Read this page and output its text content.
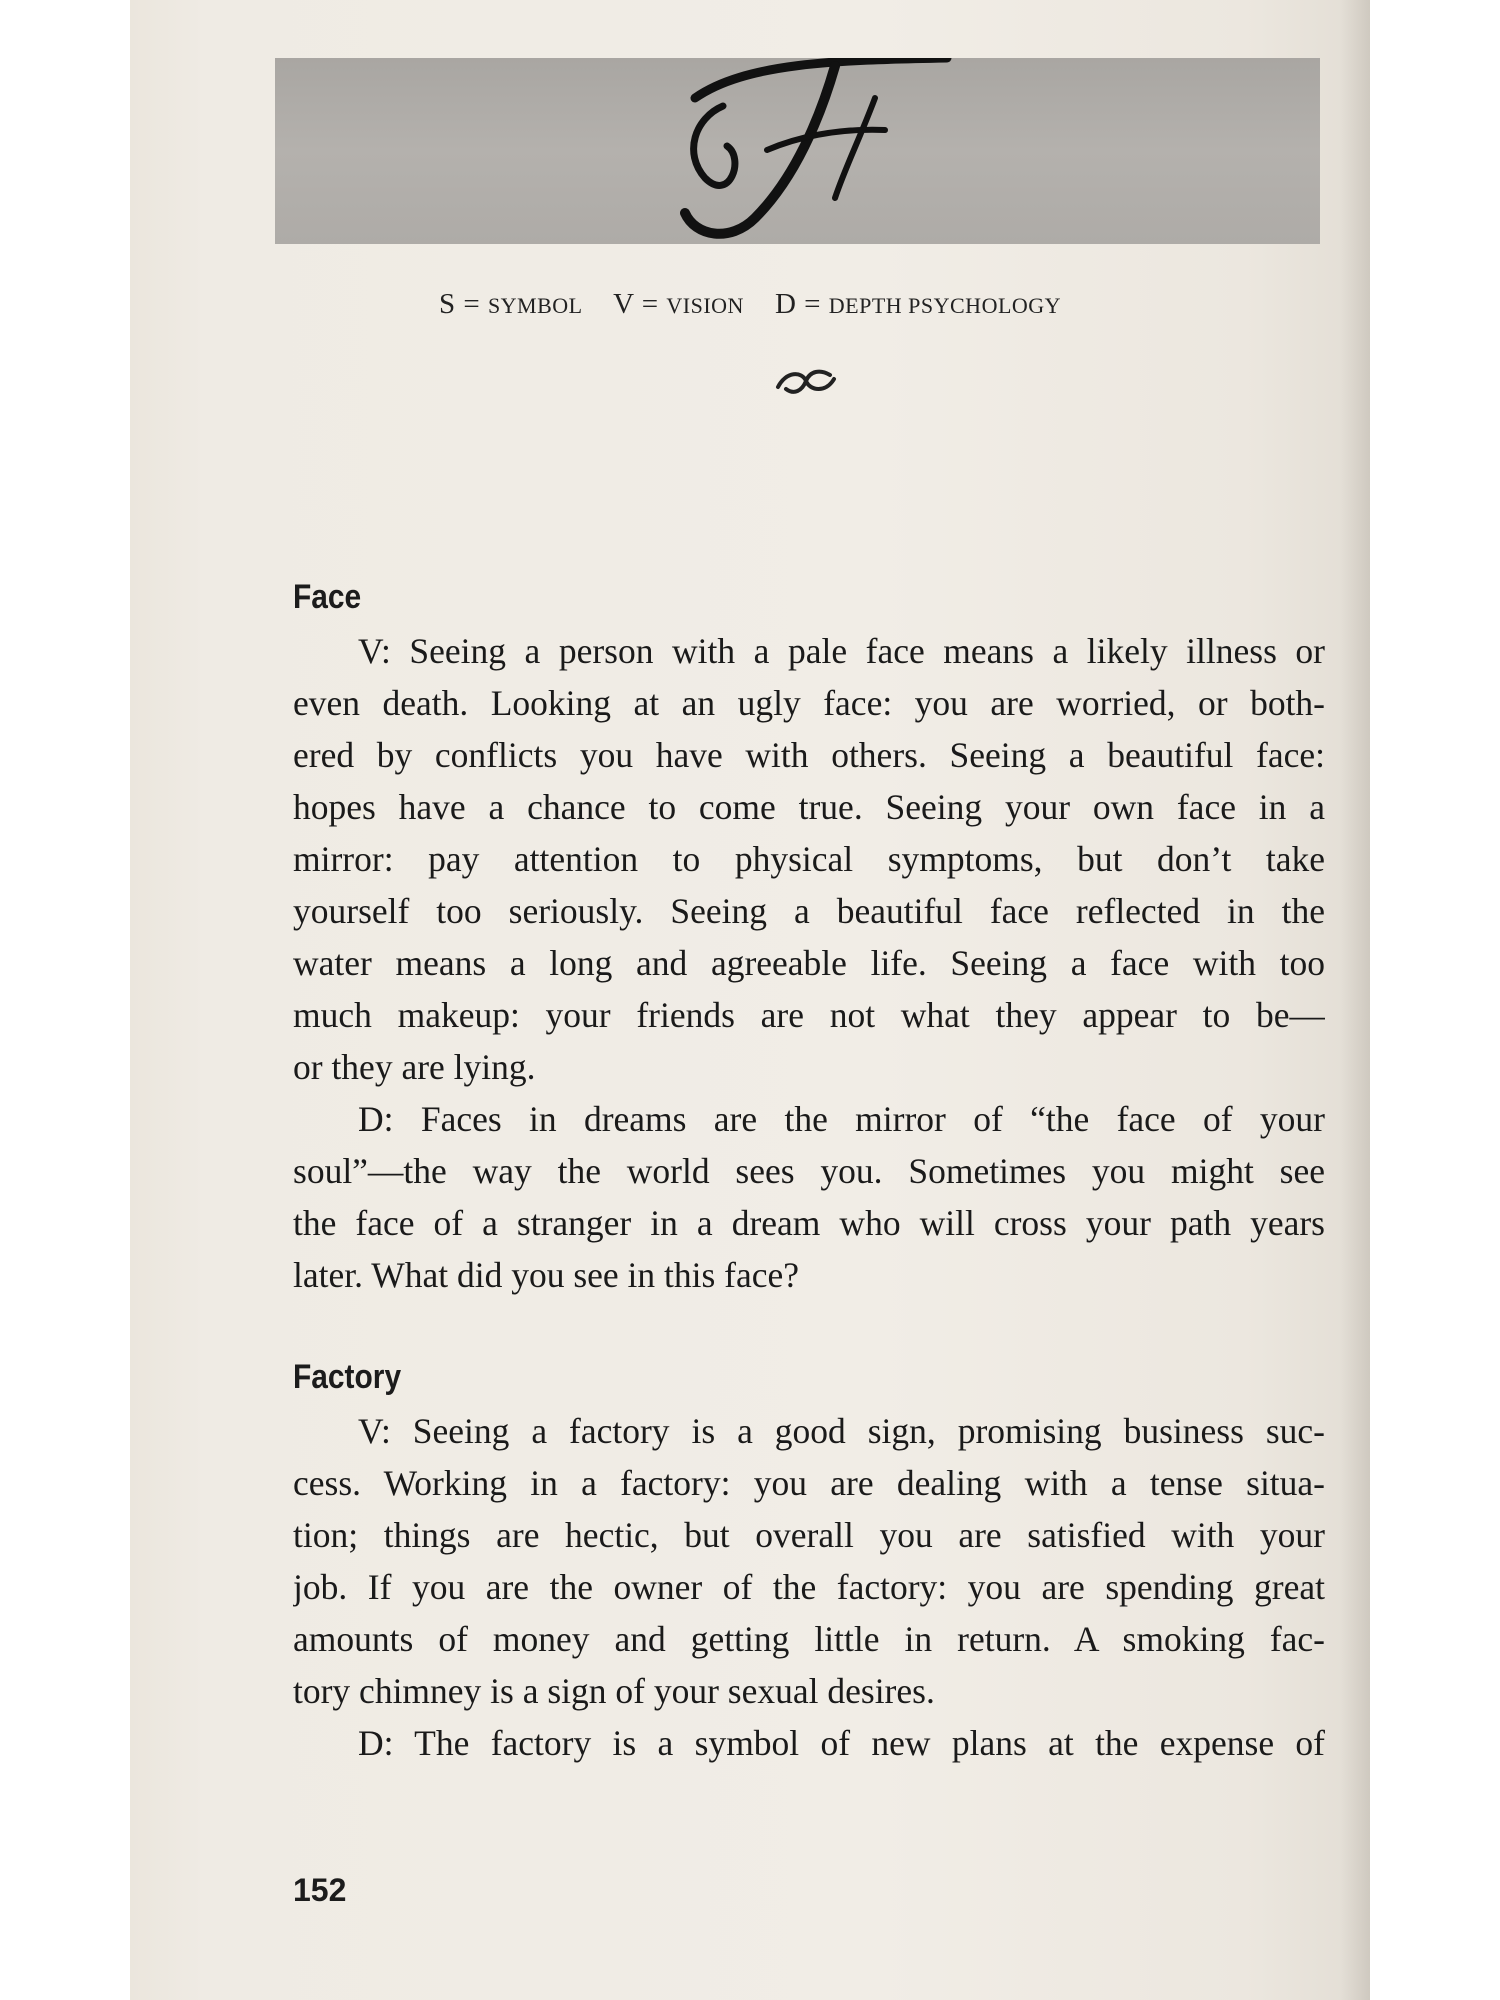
S = SYMBOL V = VISION D = DEPTH PSYCHOLOGY
Face
V: Seeing a person with a pale face means a likely illness or
even death. Looking at an ugly face: you are worried, or both-
ered by conflicts you have with others. Seeing a beautiful face:
hopes have a chance to come true. Seeing your own face in a
mirror: pay attention to physical symptoms, but don’t take
yourself too seriously. Seeing a beautiful face reflected in the
water means a long and agreeable life. Seeing a face with too
much makeup: your friends are not what they appear to be—
or they are lying.
D: Faces in dreams are the mirror of “the face of your
soul”—the way the world sees you. Sometimes you might see
the face of a stranger in a dream who will cross your path years
later. What did you see in this face?
Factory
V: Seeing a factory is a good sign, promising business suc-
cess. Working in a factory: you are dealing with a tense situa-
tion; things are hectic, but overall you are satisfied with your
job. If you are the owner of the factory: you are spending great
amounts of money and getting little in return. A smoking fac-
tory chimney is a sign of your sexual desires.
D: The factory is a symbol of new plans at the expense of
152
